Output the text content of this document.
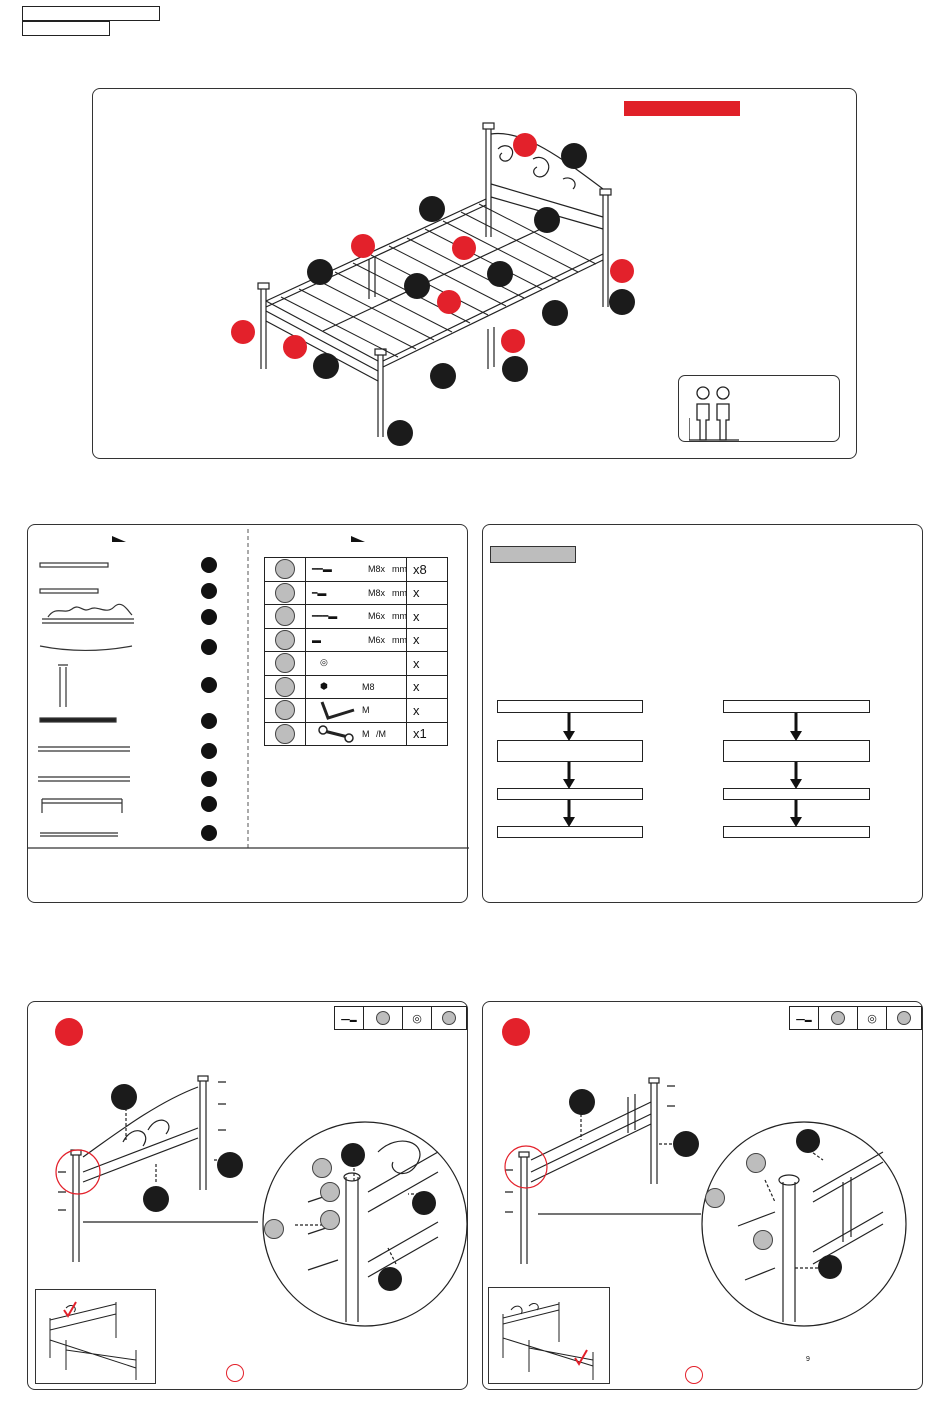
	━━▬ M8x mm	x8

	━▬ M8x mm	x

	━━━▬ M6x mm	x

	▬ M6x mm	x

	◎	x

	⬢ M8	x

	M	x

	M /M	x1
━━▬		◎		━━▬		◎	
9
